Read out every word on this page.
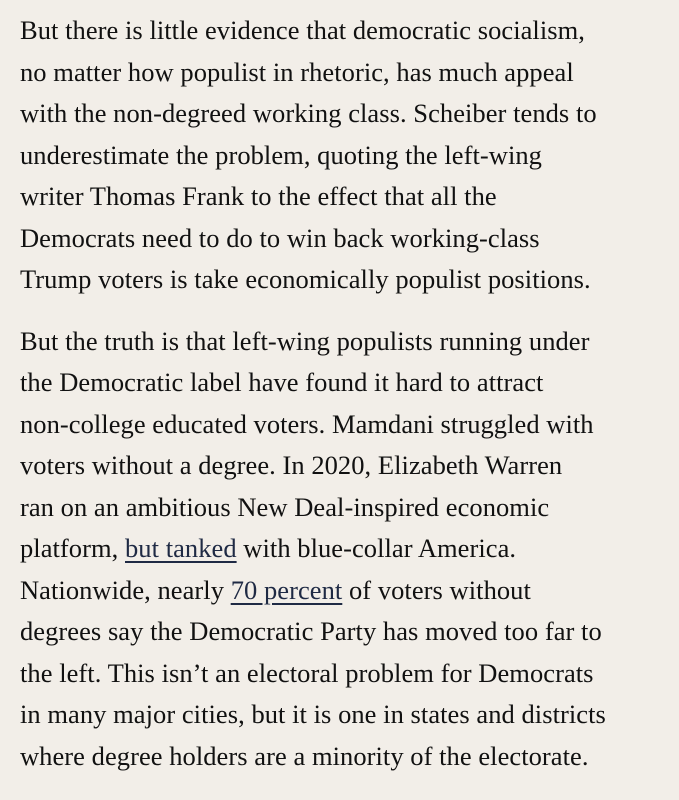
But there is little evidence that democratic socialism,
no matter how populist in rhetoric, has much appeal
with the non-degreed working class. Scheiber tends to
underestimate the problem, quoting the left-wing
writer Thomas Frank to the effect that all the
Democrats need to do to win back working-class
Trump voters is take economically populist positions.

But the truth is that left-wing populists running under
the Democratic label have found it hard to attract
non-college educated voters. Mamdani struggled with
voters without a degree. In 2020, Elizabeth Warren
ran on an ambitious New Deal-inspired economic
platform, but tanked with blue-collar America.
Nationwide, nearly 70 percent of voters without
degrees say the Democratic Party has moved too far to
the left. This isn’t an electoral problem for Democrats
in many major cities, but it is one in states and districts
where degree holders are a minority of the electorate.
